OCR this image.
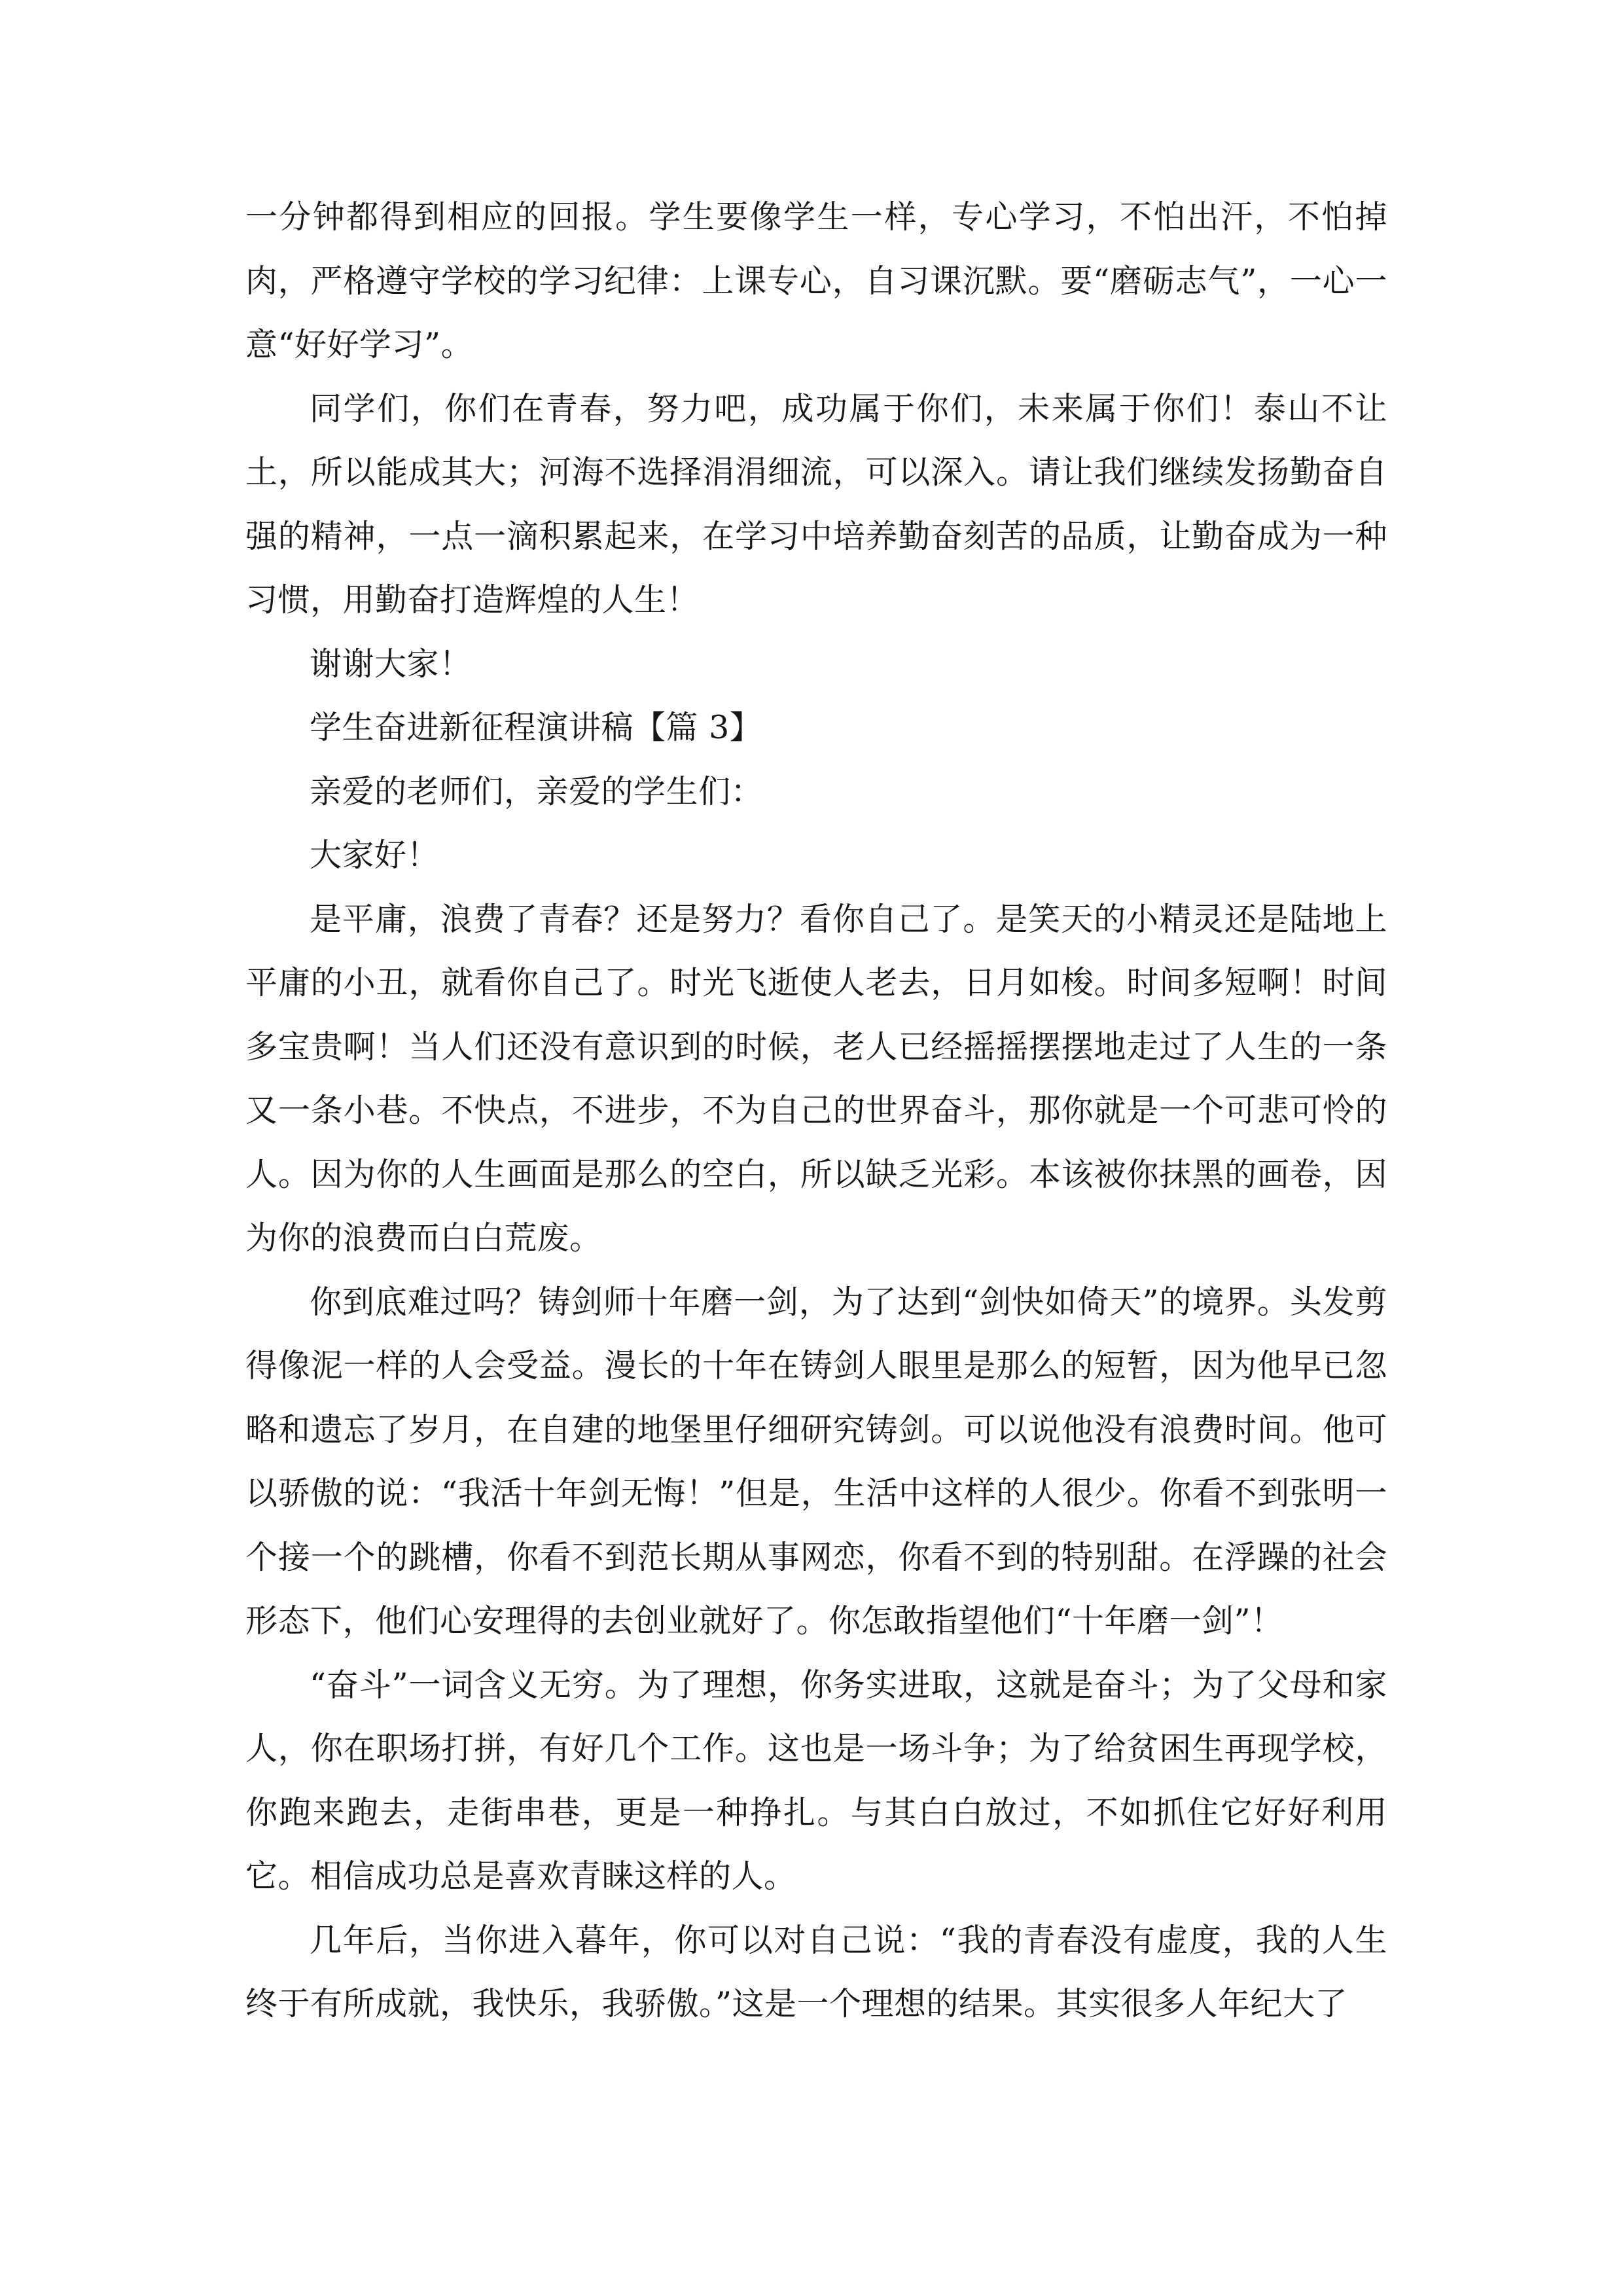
一分钟都得到相应的回报。学生要像学生一样，专心学习，不怕出汗，不怕掉肉，严格遵守学校的学习纪律：上课专心，自习课沉默。要“磨砺志气”，一心一意“好好学习”。

同学们，你们在青春，努力吧，成功属于你们，未来属于你们！泰山不让土，所以能成其大；河海不选择涓涓细流，可以深入。请让我们继续发扬勤奋自强的精神，一点一滴积累起来，在学习中培养勤奋刻苦的品质，让勤奋成为一种习惯，用勤奋打造辉煌的人生！

谢谢大家！

学生奋进新征程演讲稿【篇 3】

亲爱的老师们，亲爱的学生们：

大家好！

是平庸，浪费了青春？还是努力？看你自己了。是笑天的小精灵还是陆地上平庸的小丑，就看你自己了。时光飞逝使人老去，日月如梭。时间多短啊！时间多宝贵啊！当人们还没有意识到的时候，老人已经摇摇摆摆地走过了人生的一条又一条小巷。不快点，不进步，不为自己的世界奋斗，那你就是一个可悲可怜的人。因为你的人生画面是那么的空白，所以缺乏光彩。本该被你抹黑的画卷，因为你的浪费而白白荒废。

你到底难过吗？铸剑师十年磨一剑，为了达到“剑快如倚天”的境界。头发剪得像泥一样的人会受益。漫长的十年在铸剑人眼里是那么的短暂，因为他早已忽略和遗忘了岁月，在自建的地堡里仔细研究铸剑。可以说他没有浪费时间。他可以骄傲的说：“我活十年剑无悔！”但是，生活中这样的人很少。你看不到张明一个接一个的跳槽，你看不到范长期从事网恋，你看不到的特别甜。在浮躁的社会形态下，他们心安理得的去创业就好了。你怎敢指望他们“十年磨一剑”！

“奋斗”一词含义无穷。为了理想，你务实进取，这就是奋斗；为了父母和家人，你在职场打拼，有好几个工作。这也是一场斗争；为了给贫困生再现学校，你跑来跑去，走街串巷，更是一种挣扎。与其白白放过，不如抓住它好好利用它。相信成功总是喜欢青睐这样的人。

几年后，当你进入暮年，你可以对自己说：“我的青春没有虚度，我的人生终于有所成就，我快乐，我骄傲。”这是一个理想的结果。其实很多人年纪大了
